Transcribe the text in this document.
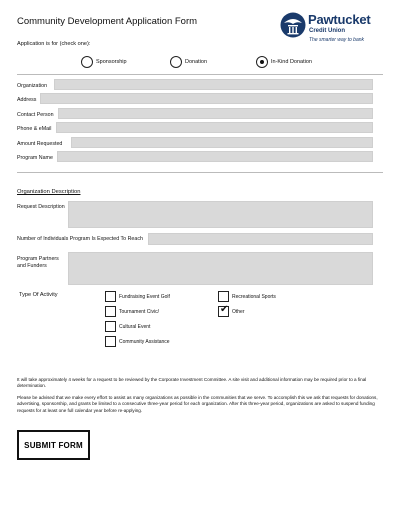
Community Development Application Form	Pawtucket
Credit Union
The smarter way to bank
Application is for (check one):
Sponsorship	Donation	In-Kind Donation
Organization
Address
Contact Person
Phone & eMail
Amount Requested
Program Name
Organization Description
Request Description
Number of Individuals Program Is Expected To Reach
Program Partners
and Funders
Type Of Activity	Fundraising Event Golf	Recreational Sports
Tournament Civic/	✔ Other
Cultural Event
Community Assistance
It will take approximately 4 weeks for a request to be reviewed by the Corporate Investment Committee. A site visit and additional information may be required prior to a final determination.
Please be advised that we make every effort to assist as many organizations as possible in the communities that we serve. To accomplish this we ask that requests for donations, advertising, sponsorship, and grants be limited to a consecutive three-year period for each organization. After this three-year period, organizations are asked to suspend funding requests for at least one full calendar year before re-applying.
SUBMIT FORM
